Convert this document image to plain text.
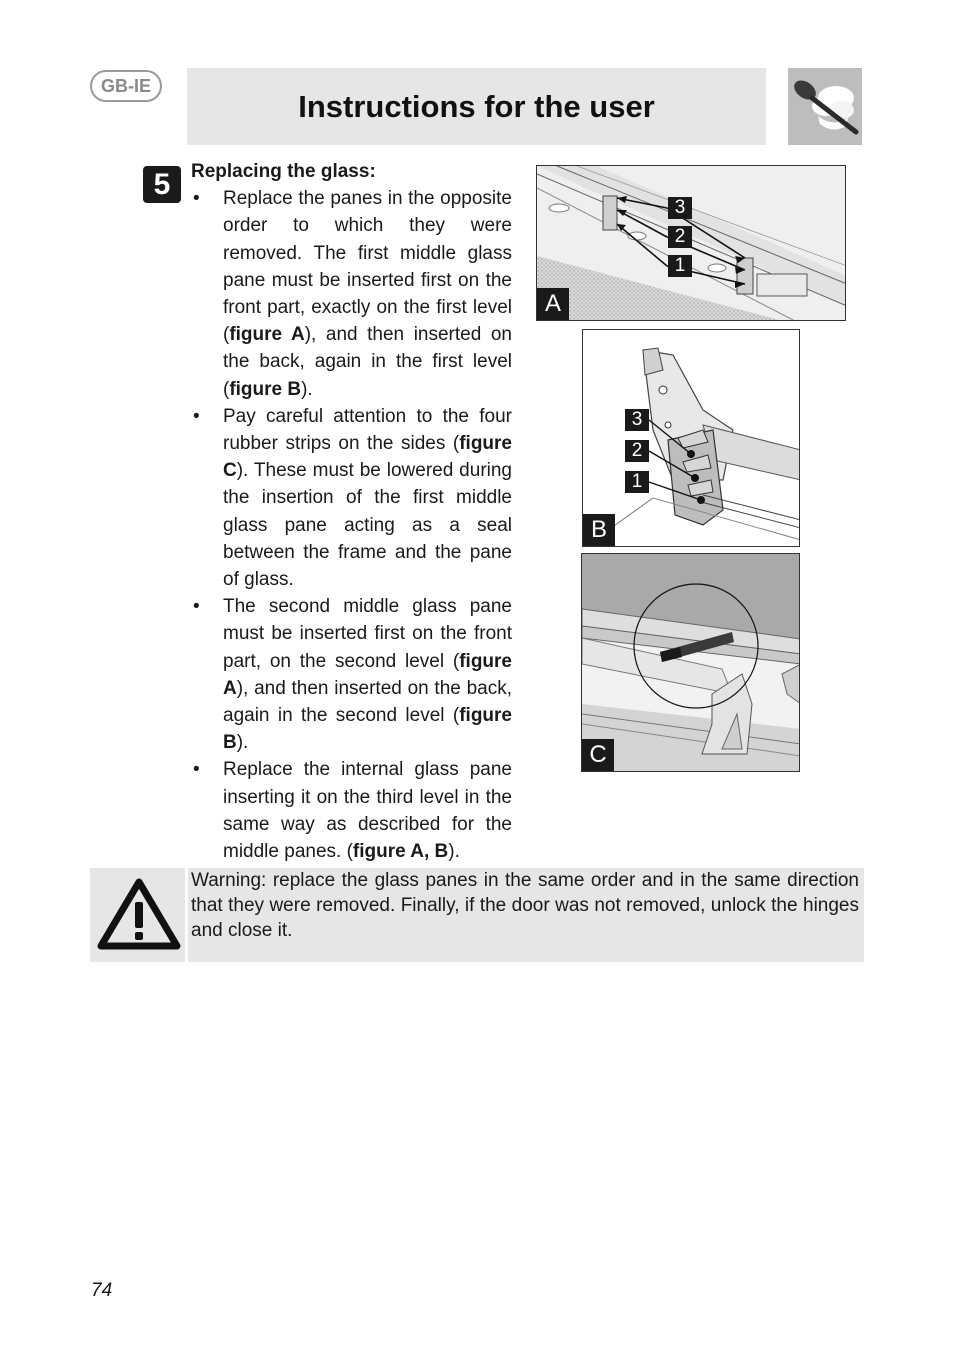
GB-IE
Instructions for the user
5	Replacing the glass:

• Replace the panes in the opposite order to which they were removed. The first middle glass pane must be inserted first on the front part, exactly on the first level (figure A), and then inserted on the back, again in the first level (figure B).
• Pay careful attention to the four rubber strips on the sides (figure C). These must be lowered during the insertion of the first middle glass pane acting as a seal between the frame and the pane of glass.
• The second middle glass pane must be inserted first on the front part, on the second level (figure A), and then inserted on the back, again in the second level (figure B).
• Replace the internal glass pane inserting it on the third level in the same way as described for the middle panes. (figure A, B).
3
2
1
A
3
2
1
B
C

Warning: replace the glass panes in the same order and in the same direction that they were removed. Finally, if the door was not removed, unlock the hinges and close it.

74
